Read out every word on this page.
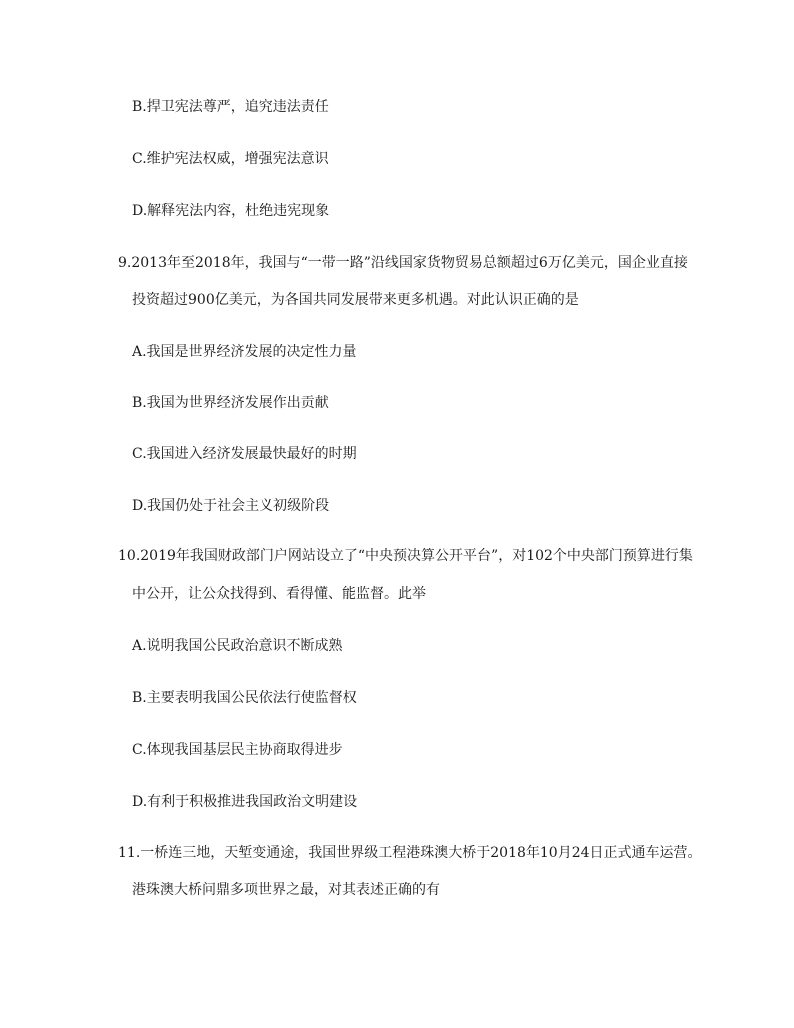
B.捍卫宪法尊严，追究违法责任
C.维护宪法权威，增强宪法意识
D.解释宪法内容，杜绝违宪现象
9.2013年至2018年，我国与“一带一路”沿线国家货物贸易总额超过6万亿美元，国企业直接
投资超过900亿美元，为各国共同发展带来更多机遇。对此认识正确的是
A.我国是世界经济发展的决定性力量
B.我国为世界经济发展作出贡献
C.我国进入经济发展最快最好的时期
D.我国仍处于社会主义初级阶段
10.2019年我国财政部门户网站设立了“中央预决算公开平台”，对102个中央部门预算进行集
中公开，让公众找得到、看得懂、能监督。此举
A.说明我国公民政治意识不断成熟
B.主要表明我国公民依法行使监督权
C.体现我国基层民主协商取得进步
D.有利于积极推进我国政治文明建设
11.一桥连三地，天堑变通途，我国世界级工程港珠澳大桥于2018年10月24日正式通车运营。
港珠澳大桥问鼎多项世界之最，对其表述正确的有
